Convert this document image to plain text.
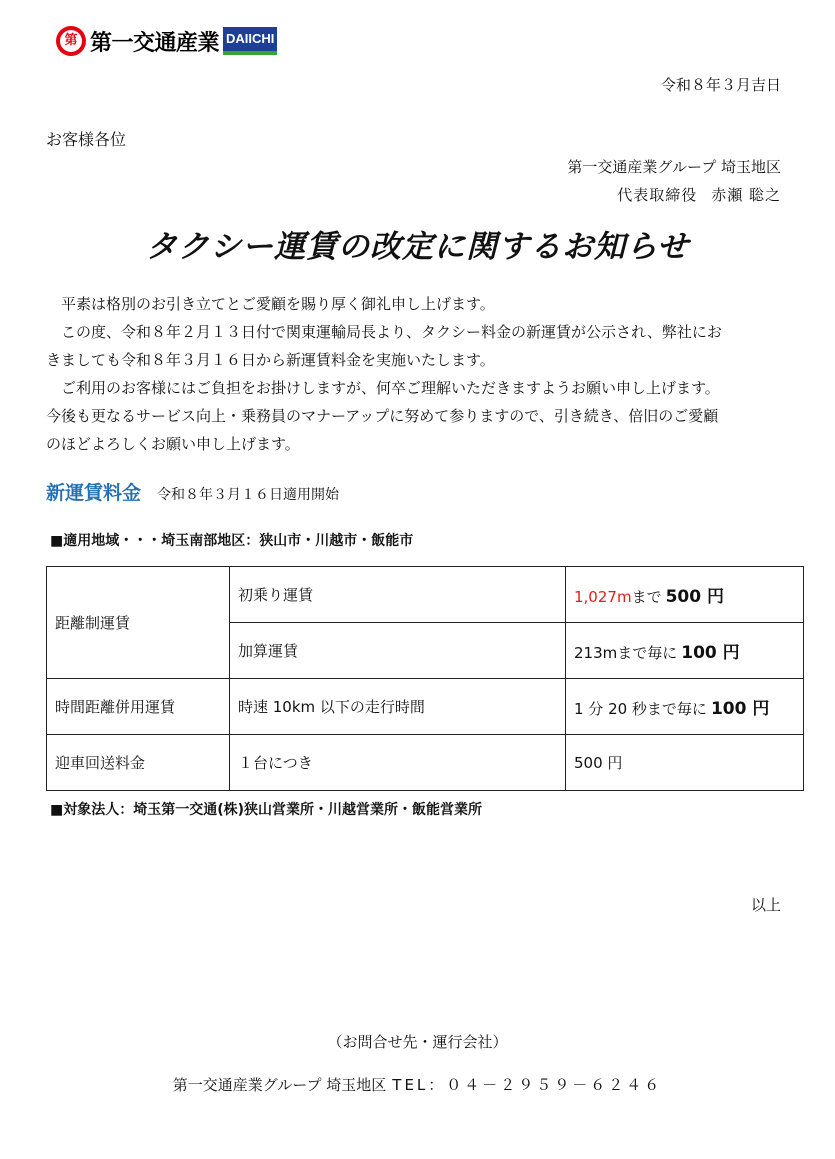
第 第一交通産業 DAIICHI
令和８年３月吉日
お客様各位
第一交通産業グループ 埼玉地区
代表取締役 赤瀬 聡之
タクシー運賃の改定に関するお知らせ

　平素は格別のお引き立てとご愛顧を賜り厚く御礼申し上げます。

　この度、令和８年２月１３日付で関東運輸局長より、タクシー料金の新運賃が公示され、弊社にお

きましても令和８年３月１６日から新運賃料金を実施いたします。

　ご利用のお客様にはご負担をお掛けしますが、何卒ご理解いただきますようお願い申し上げます。

今後も更なるサービス向上・乗務員のマナーアップに努めて参りますので、引き続き、倍旧のご愛顧

のほどよろしくお願い申し上げます。

新運賃料金 令和８年３月１６日適用開始
■適用地域・・・埼玉南部地区：狭山市・川越市・飯能市
距離制運賃	初乗り運賃	1,027mまで 500 円
	加算運賃	213mまで毎に 100 円
時間距離併用運賃	時速 10km 以下の走行時間	1 分 20 秒まで毎に 100 円
迎車回送料金	１台につき	500 円
■対象法人：埼玉第一交通(株)狭山営業所・川越営業所・飯能営業所
以上
（お問合せ先・運行会社）
第一交通産業グループ 埼玉地区 TEL：０４－２９５９－６２４６
